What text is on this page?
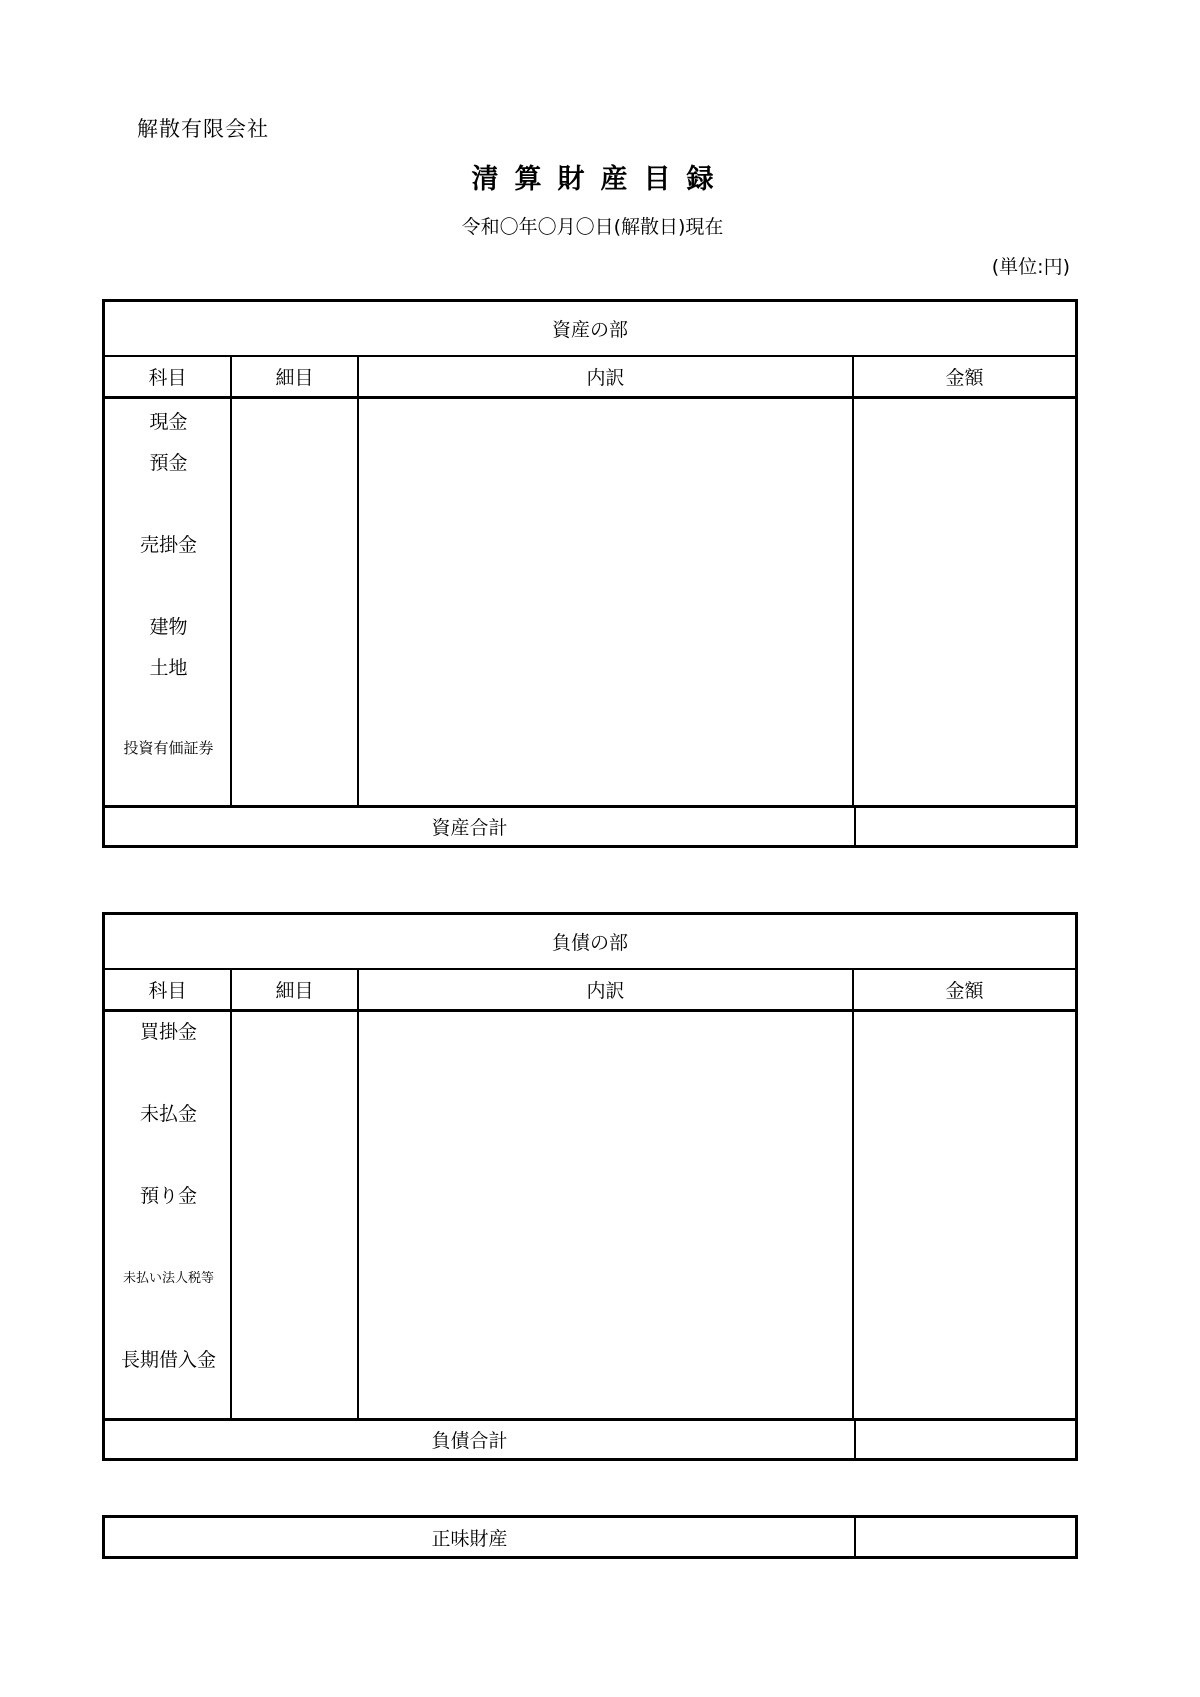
解散有限会社
清算財産目録
令和〇年〇月〇日(解散日)現在
(単位:円)
資産の部
科目	細目	内訳	金額
現金
預金
売掛金
建物
土地
投資有価証券
資産合計
負債の部
科目	細目	内訳	金額
買掛金
未払金
預り金
未払い法人税等
長期借入金
負債合計
正味財産
